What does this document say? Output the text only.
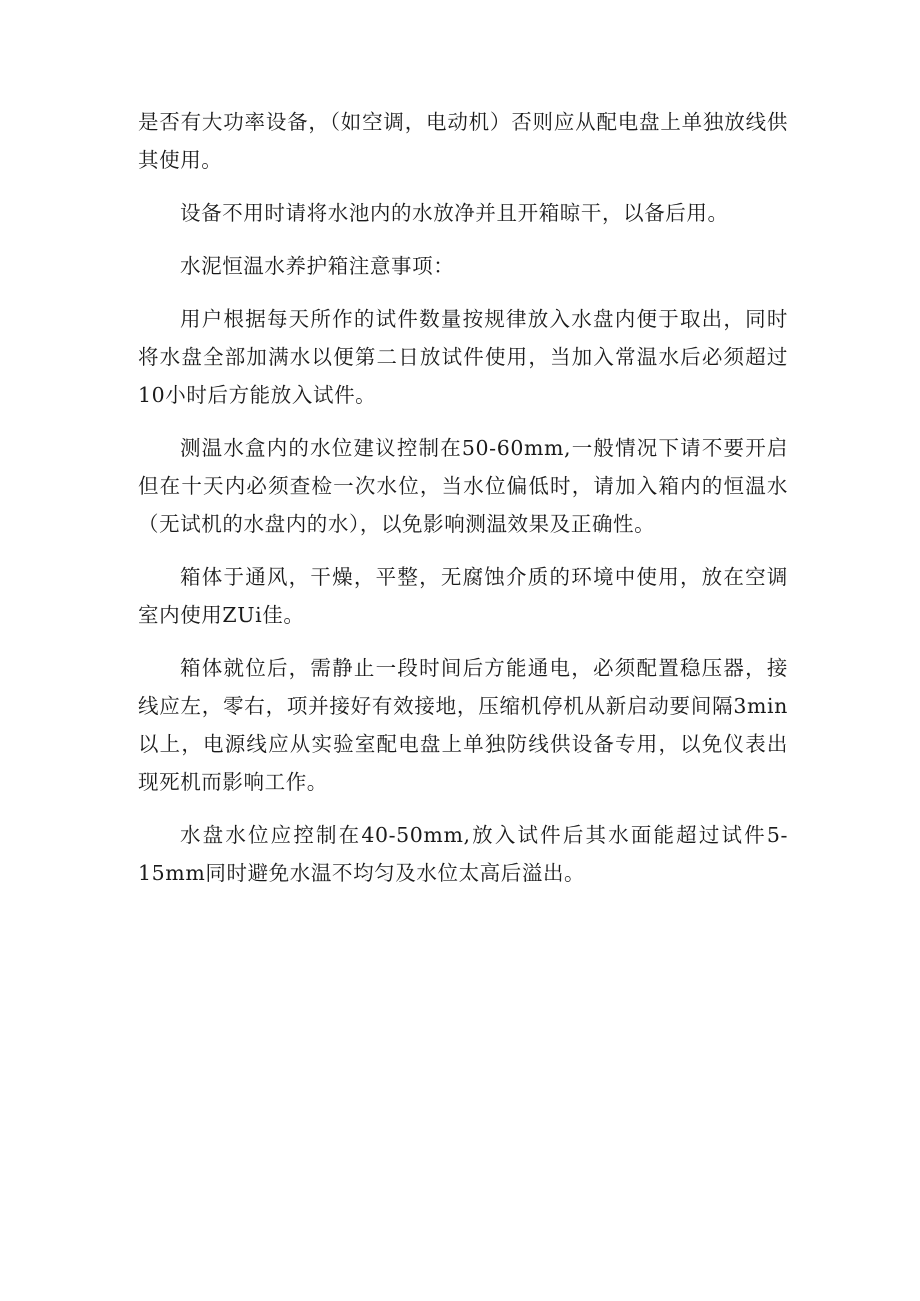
是否有大功率设备，（如空调，电动机）否则应从配电盘上单独放线供其使用。

设备不用时请将水池内的水放净并且开箱晾干，以备后用。

水泥恒温水养护箱注意事项：

用户根据每天所作的试件数量按规律放入水盘内便于取出，同时将水盘全部加满水以便第二日放试件使用，当加入常温水后必须超过10小时后方能放入试件。

测温水盒内的水位建议控制在50-60mm,一般情况下请不要开启但在十天内必须查检一次水位，当水位偏低时，请加入箱内的恒温水（无试机的水盘内的水），以免影响测温效果及正确性。

箱体于通风，干燥，平整，无腐蚀介质的环境中使用，放在空调室内使用ZUi佳。

箱体就位后，需静止一段时间后方能通电，必须配置稳压器，接线应左，零右，项并接好有效接地，压缩机停机从新启动要间隔3min以上，电源线应从实验室配电盘上单独防线供设备专用，以免仪表出现死机而影响工作。

水盘水位应控制在40-50mm,放入试件后其水面能超过试件5-15mm同时避免水温不均匀及水位太高后溢出。
